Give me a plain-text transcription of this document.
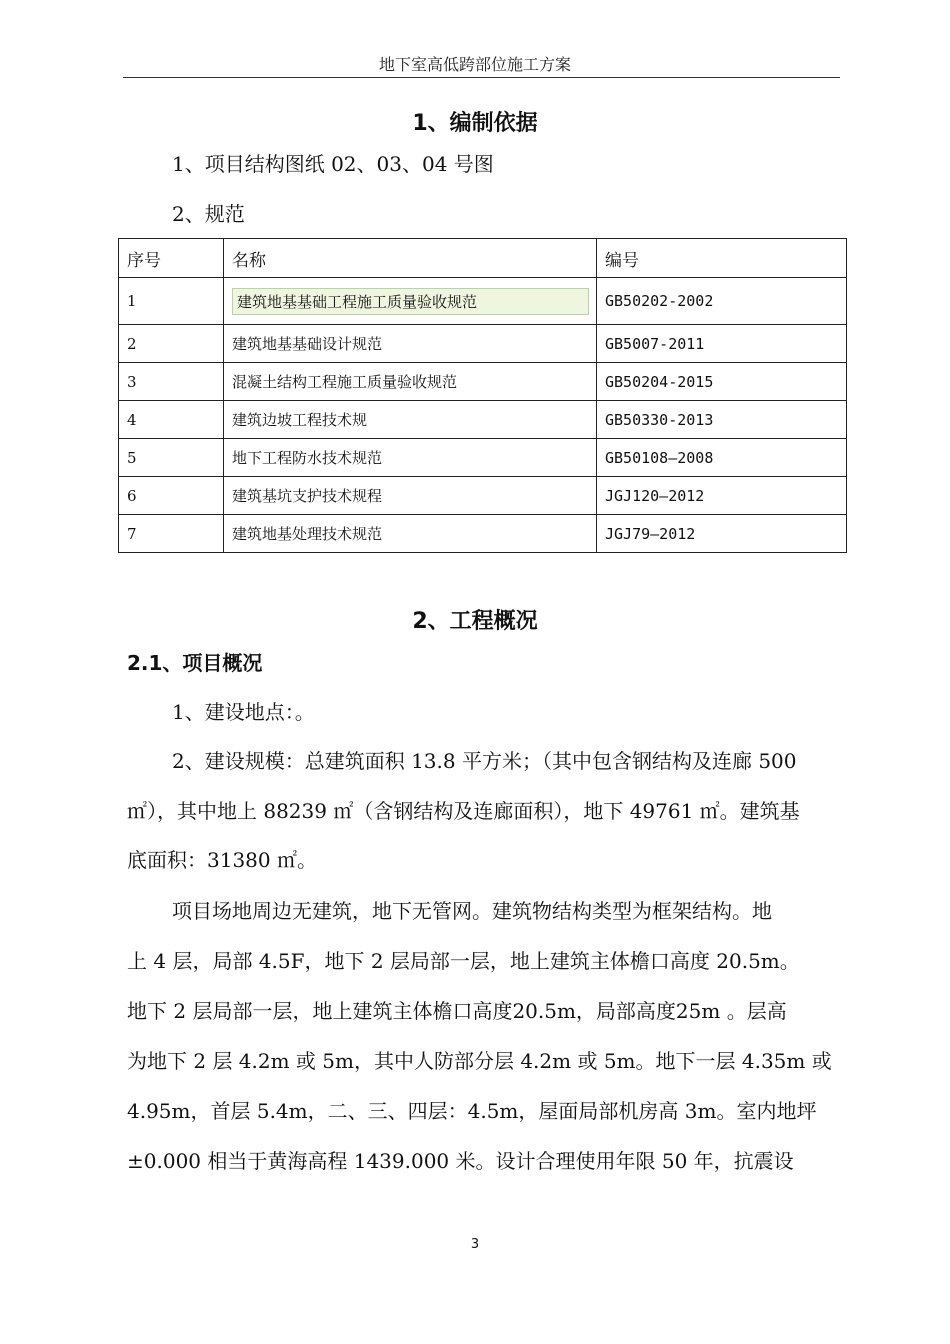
地下室高低跨部位施工方案
1、编制依据
1、项目结构图纸 02、03、04 号图
2、规范
序号	名称	编号
1	建筑地基基础工程施工质量验收规范	GB50202-2002
2	建筑地基基础设计规范	GB5007-2011
3	混凝土结构工程施工质量验收规范	GB50204-2015
4	建筑边坡工程技术规	GB50330-2013
5	地下工程防水技术规范	GB50108—2008
6	建筑基坑支护技术规程	JGJ120—2012
7	建筑地基处理技术规范	JGJ79—2012
2、工程概况
2.1、项目概况
1、建设地点：。
2、建设规模：总建筑面积 13.8 平方米；（其中包含钢结构及连廊 500
㎡），其中地上 88239 ㎡（含钢结构及连廊面积），地下 49761 ㎡。建筑基
底面积：31380 ㎡。
项目场地周边无建筑，地下无管网。建筑物结构类型为框架结构。地
上 4 层，局部 4.5F，地下 2 层局部一层，地上建筑主体檐口高度 20.5m。
地下 2 层局部一层，地上建筑主体檐口高度20.5m，局部高度25m 。层高
为地下 2 层 4.2m 或 5m，其中人防部分层 4.2m 或 5m。地下一层 4.35m 或
4.95m，首层 5.4m，二、三、四层：4.5m，屋面局部机房高 3m。室内地坪
±0.000 相当于黄海高程 1439.000 米。设计合理使用年限 50 年，抗震设
3
